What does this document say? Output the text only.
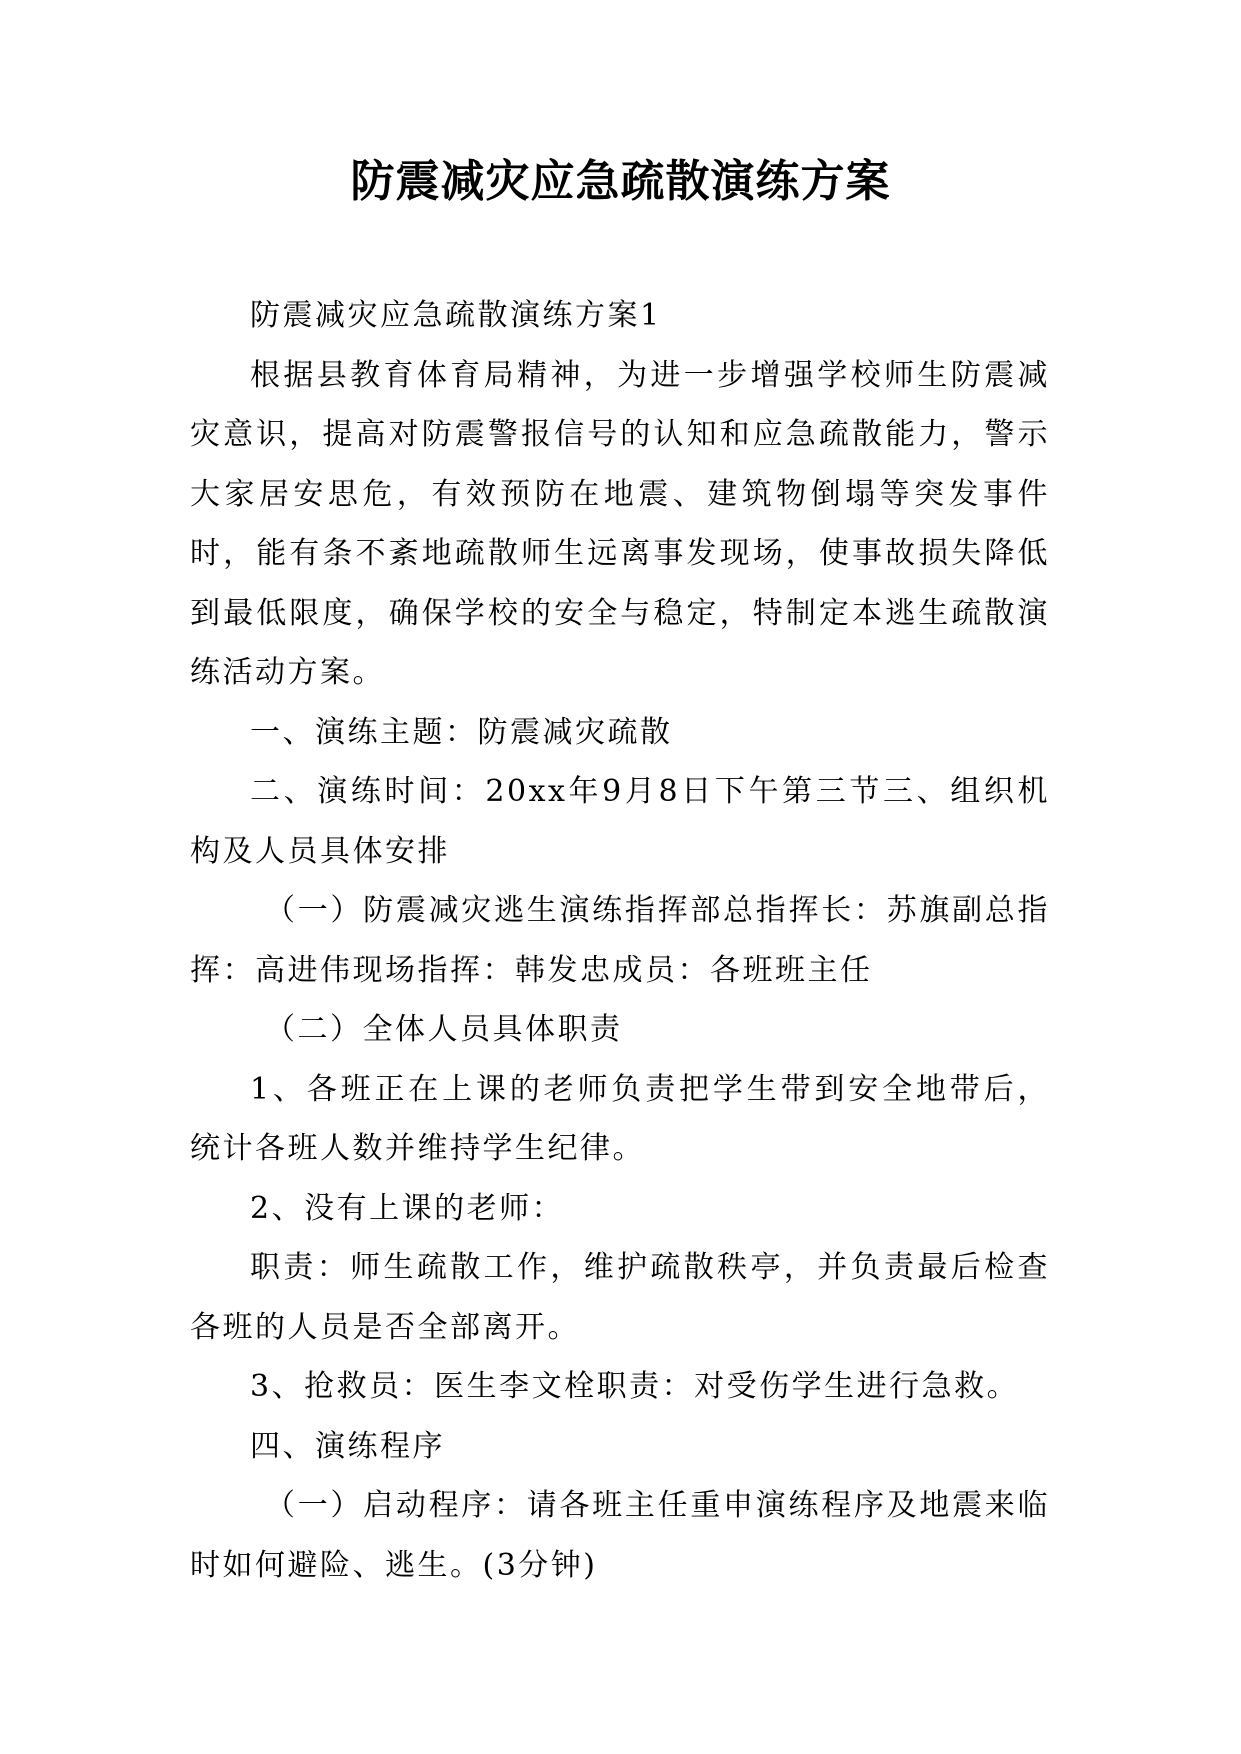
防震减灾应急疏散演练方案

防震减灾应急疏散演练方案1

根据县教育体育局精神，为进一步增强学校师生防震减灾意识，提高对防震警报信号的认知和应急疏散能力，警示大家居安思危，有效预防在地震、建筑物倒塌等突发事件时，能有条不紊地疏散师生远离事发现场，使事故损失降低到最低限度，确保学校的安全与稳定，特制定本逃生疏散演练活动方案。

一、演练主题：防震减灾疏散

二、演练时间：20xx年9月8日下午第三节三、组织机构及人员具体安排

（一）防震减灾逃生演练指挥部总指挥长：苏旗副总指挥：高进伟现场指挥：韩发忠成员：各班班主任

（二）全体人员具体职责

1、各班正在上课的老师负责把学生带到安全地带后，统计各班人数并维持学生纪律。

2、没有上课的老师：

职责：师生疏散工作，维护疏散秩亭，并负责最后检查各班的人员是否全部离开。

3、抢救员：医生李文栓职责：对受伤学生进行急救。

四、演练程序

（一）启动程序：请各班主任重申演练程序及地震来临时如何避险、逃生。(3分钟)
